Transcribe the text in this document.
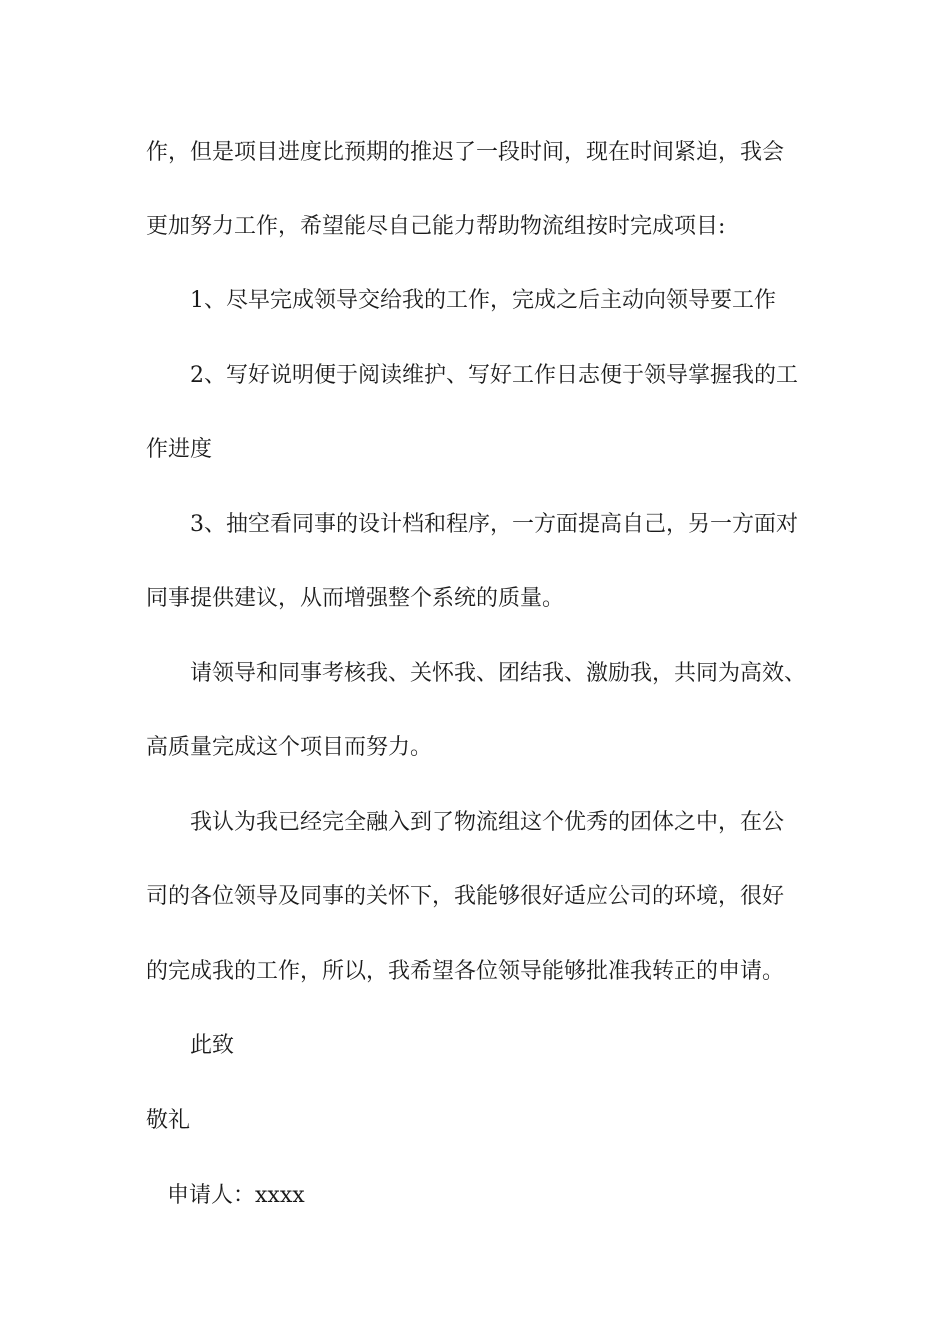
作，但是项目进度比预期的推迟了一段时间，现在时间紧迫，我会
更加努力工作，希望能尽自己能力帮助物流组按时完成项目:
1、尽早完成领导交给我的工作，完成之后主动向领导要工作
2、写好说明便于阅读维护、写好工作日志便于领导掌握我的工
作进度
3、抽空看同事的设计档和程序，一方面提高自己，另一方面对
同事提供建议，从而增强整个系统的质量。
请领导和同事考核我、关怀我、团结我、激励我，共同为高效、
高质量完成这个项目而努力。
我认为我已经完全融入到了物流组这个优秀的团体之中，在公
司的各位领导及同事的关怀下，我能够很好适应公司的环境，很好
的完成我的工作，所以，我希望各位领导能够批准我转正的申请。
此致
敬礼
申请人：xxxx
